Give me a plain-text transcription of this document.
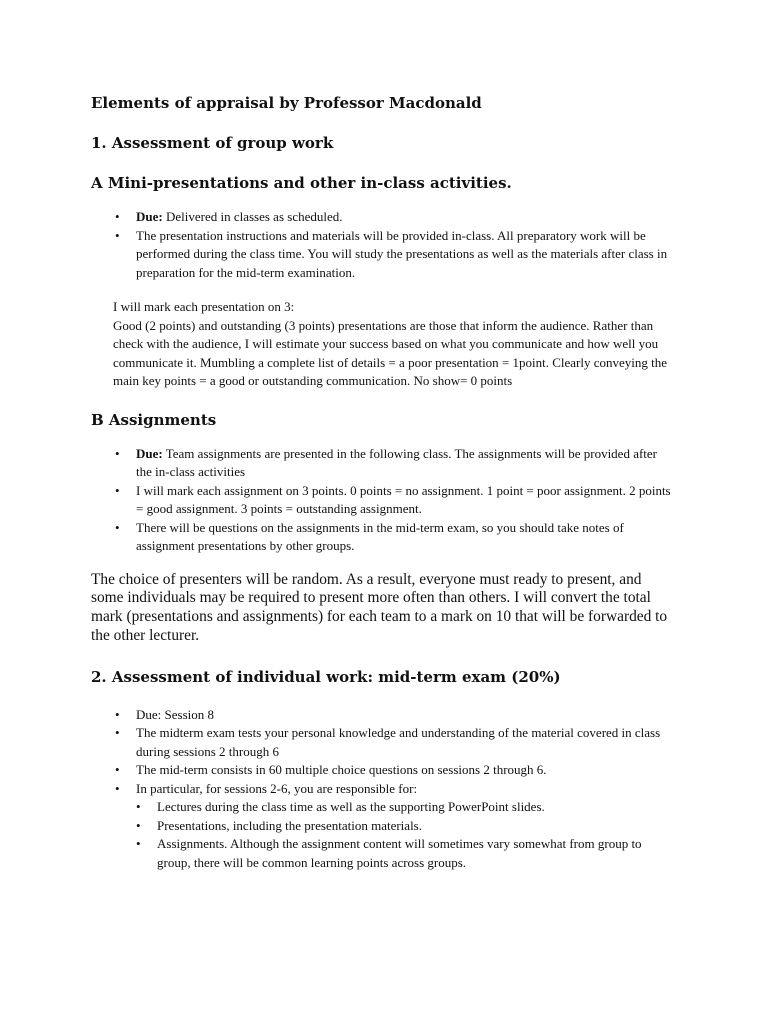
Elements of appraisal by Professor Macdonald
1. Assessment of group work
A Mini-presentations and other in-class activities.
• Due: Delivered in classes as scheduled.
• The presentation instructions and materials will be provided in-class. All preparatory work will be performed during the class time. You will study the presentations as well as the materials after class in preparation for the mid-term examination.
I will mark each presentation on 3:
Good (2 points) and outstanding (3 points) presentations are those that inform the audience. Rather than check with the audience, I will estimate your success based on what you communicate and how well you communicate it. Mumbling a complete list of details = a poor presentation = 1point. Clearly conveying the main key points = a good or outstanding communication. No show= 0 points
B Assignments
• Due: Team assignments are presented in the following class. The assignments will be provided after the in-class activities
• I will mark each assignment on 3 points. 0 points = no assignment. 1 point = poor assignment. 2 points = good assignment. 3 points = outstanding assignment.
• There will be questions on the assignments in the mid-term exam, so you should take notes of assignment presentations by other groups.
The choice of presenters will be random. As a result, everyone must ready to present, and some individuals may be required to present more often than others. I will convert the total mark (presentations and assignments) for each team to a mark on 10 that will be forwarded to the other lecturer.
2. Assessment of individual work: mid-term exam (20%)
• Due: Session 8
• The midterm exam tests your personal knowledge and understanding of the material covered in class during sessions 2 through 6
• The mid-term consists in 60 multiple choice questions on sessions 2 through 6.
• In particular, for sessions 2-6, you are responsible for:
• Lectures during the class time as well as the supporting PowerPoint slides.
• Presentations, including the presentation materials.
• Assignments. Although the assignment content will sometimes vary somewhat from group to group, there will be common learning points across groups.
